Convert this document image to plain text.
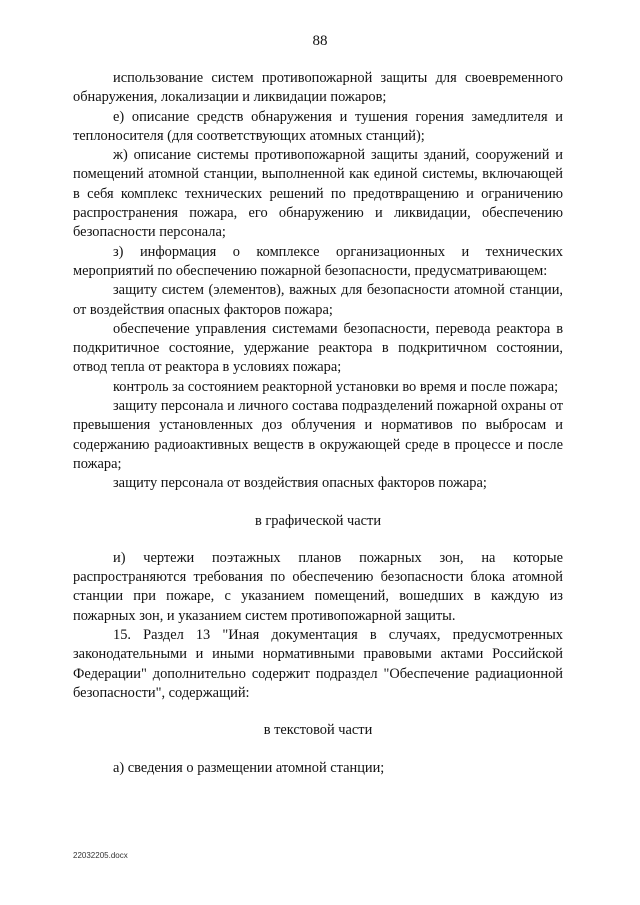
88

использование систем противопожарной защиты для своевременного обнаружения, локализации и ликвидации пожаров;

е) описание средств обнаружения и тушения горения замедлителя и теплоносителя (для соответствующих атомных станций);

ж) описание системы противопожарной защиты зданий, сооружений и помещений атомной станции, выполненной как единой системы, включающей в себя комплекс технических решений по предотвращению и ограничению распространения пожара, его обнаружению и ликвидации, обеспечению безопасности персонала;

з) информация о комплексе организационных и технических мероприятий по обеспечению пожарной безопасности, предусматривающем:

защиту систем (элементов), важных для безопасности атомной станции, от воздействия опасных факторов пожара;

обеспечение управления системами безопасности, перевода реактора в подкритичное состояние, удержание реактора в подкритичном состоянии, отвод тепла от реактора в условиях пожара;

контроль за состоянием реакторной установки во время и после пожара;

защиту персонала и личного состава подразделений пожарной охраны от превышения установленных доз облучения и нормативов по выбросам и содержанию радиоактивных веществ в окружающей среде в процессе и после пожара;

защиту персонала от воздействия опасных факторов пожара;

в графической части

и) чертежи поэтажных планов пожарных зон, на которые распространяются требования по обеспечению безопасности блока атомной станции при пожаре, с указанием помещений, вошедших в каждую из пожарных зон, и указанием систем противопожарной защиты.

15. Раздел 13 "Иная документация в случаях, предусмотренных законодательными и иными нормативными правовыми актами Российской Федерации" дополнительно содержит подраздел "Обеспечение радиационной безопасности", содержащий:

в текстовой части

а) сведения о размещении атомной станции;

22032205.docx
